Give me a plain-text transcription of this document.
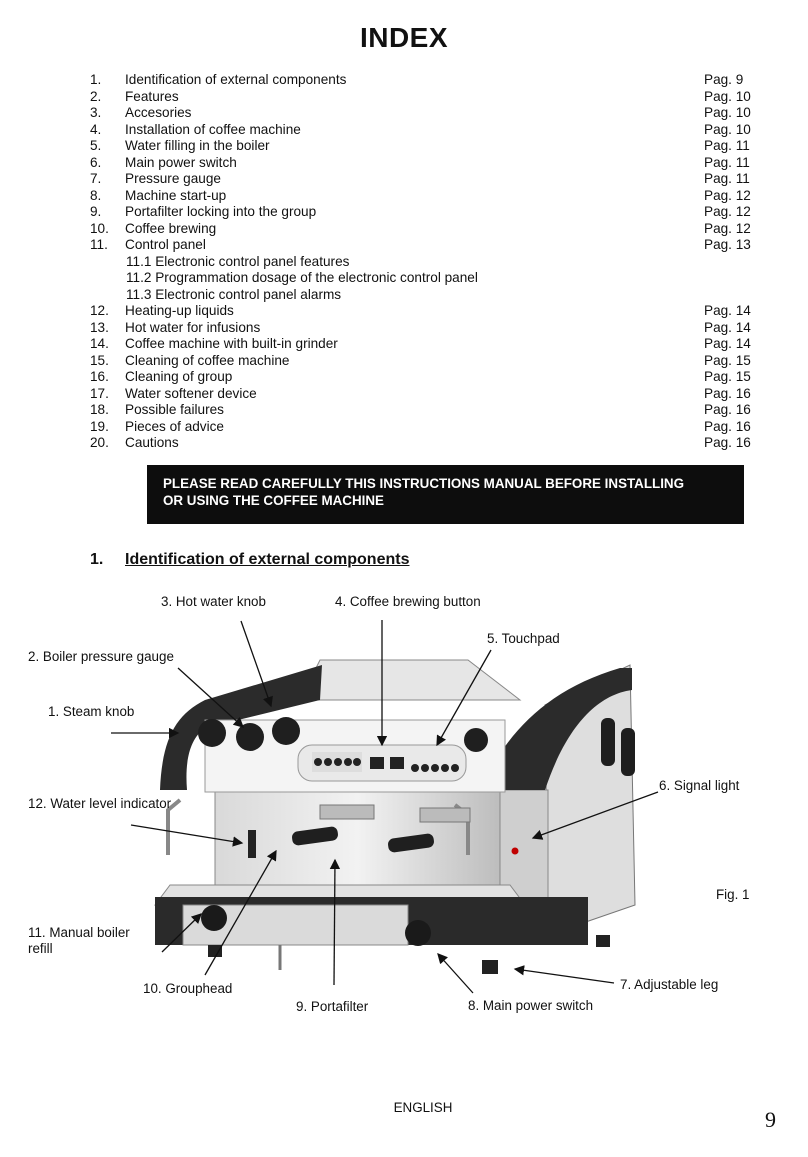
INDEX
1. Identification of external components	Pag. 9
2. Features	Pag. 10
3. Accesories	Pag. 10
4. Installation of coffee machine	Pag. 10
5. Water filling in the boiler	Pag. 11
6. Main power switch	Pag. 11
7. Pressure gauge	Pag. 11
8. Machine start-up	Pag. 12
9. Portafilter locking into the group	Pag. 12
10. Coffee brewing	Pag. 12
11. Control panel	Pag. 13
11.1 Electronic control panel features
11.2 Programmation dosage of the electronic control panel
11.3 Electronic control panel alarms
12. Heating-up liquids	Pag. 14
13. Hot water for infusions	Pag. 14
14. Coffee machine with built-in grinder	Pag. 14
15. Cleaning of coffee machine	Pag. 15
16. Cleaning of group	Pag. 15
17. Water softener device	Pag. 16
18. Possible failures	Pag. 16
19. Pieces of advice	Pag. 16
20. Cautions	Pag. 16
PLEASE READ CAREFULLY THIS INSTRUCTIONS MANUAL BEFORE INSTALLING
OR USING THE COFFEE MACHINE
1. Identification of external components
3. Hot water knob	4. Coffee brewing button
5. Touchpad
2. Boiler pressure gauge
1. Steam knob
6. Signal light
12. Water level indicator
Fig. 1
11. Manual boiler
refill
10. Grouphead
9. Portafilter	8. Main power switch
7. Adjustable leg
ENGLISH	9
